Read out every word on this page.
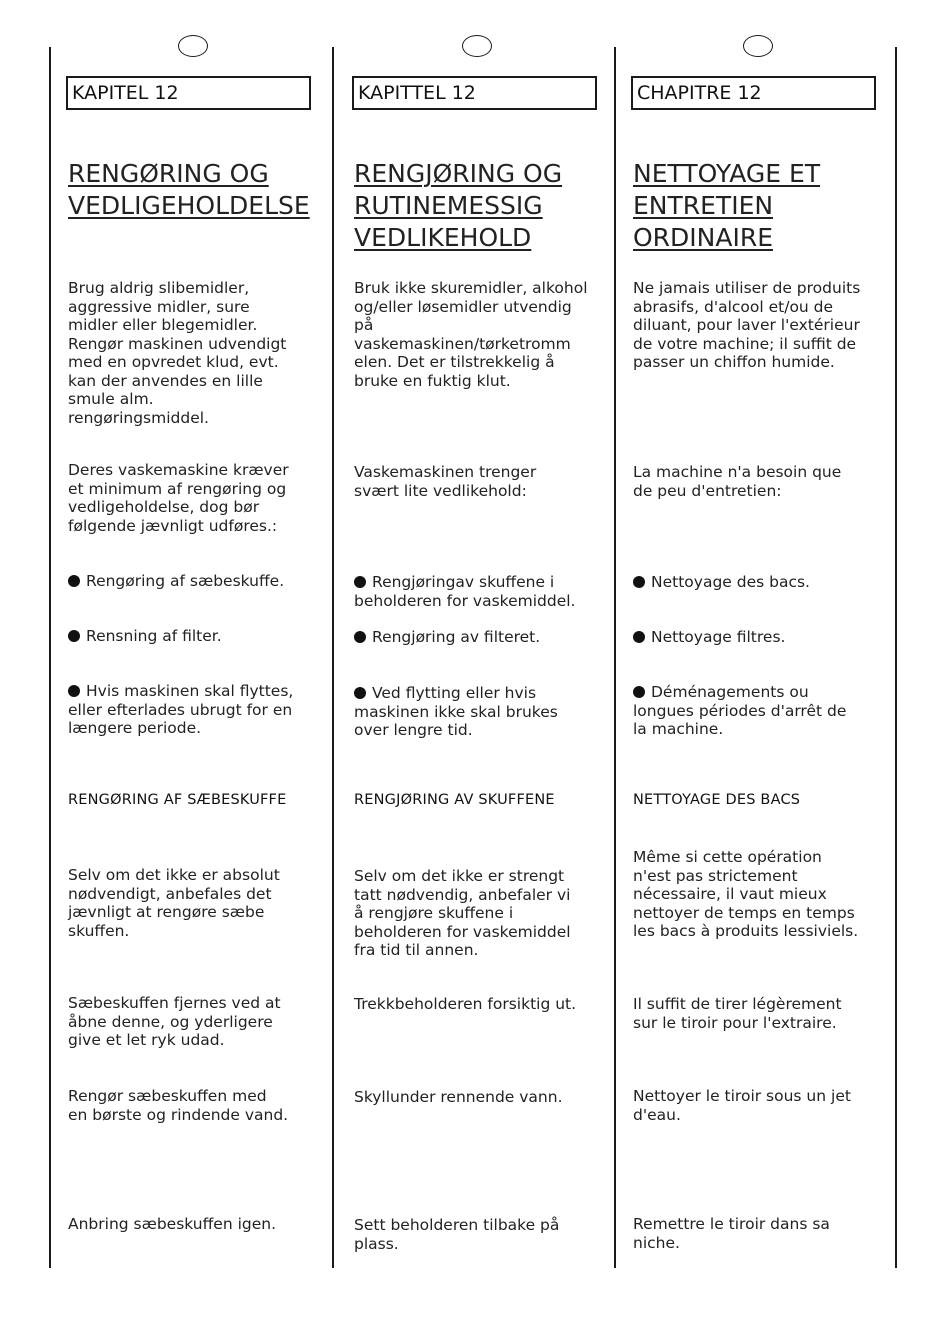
KAPITEL 12
RENGØRING OG
VEDLIGEHOLDELSE
Brug aldrig slibemidler,
aggressive midler, sure
midler eller blegemidler.
Rengør maskinen udvendigt
med en opvredet klud, evt.
kan der anvendes en lille
smule alm.
rengøringsmiddel.
Deres vaskemaskine kræver
et minimum af rengøring og
vedligeholdelse, dog bør
følgende jævnligt udføres.:
Rengøring af sæbeskuffe.
Rensning af filter.
Hvis maskinen skal flyttes,
eller efterlades ubrugt for en
længere periode.
RENGØRING AF SÆBESKUFFE
Selv om det ikke er absolut
nødvendigt, anbefales det
jævnligt at rengøre sæbe
skuffen.
Sæbeskuffen fjernes ved at
åbne denne, og yderligere
give et let ryk udad.
Rengør sæbeskuffen med
en børste og rindende vand.
Anbring sæbeskuffen igen.
KAPITTEL 12
RENGJØRING OG
RUTINEMESSIG
VEDLIKEHOLD
Bruk ikke skuremidler, alkohol
og/eller løsemidler utvendig
på
vaskemaskinen/tørketromm
elen. Det er tilstrekkelig å
bruke en fuktig klut.
Vaskemaskinen trenger
svært lite vedlikehold:
Rengjøringav skuffene i
beholderen for vaskemiddel.
Rengjøring av filteret.
Ved flytting eller hvis
maskinen ikke skal brukes
over lengre tid.
RENGJØRING AV SKUFFENE
Selv om det ikke er strengt
tatt nødvendig, anbefaler vi
å rengjøre skuffene i
beholderen for vaskemiddel
fra tid til annen.
Trekkbeholderen forsiktig ut.
Skyllunder rennende vann.
Sett beholderen tilbake på
plass.
CHAPITRE 12
NETTOYAGE ET
ENTRETIEN
ORDINAIRE
Ne jamais utiliser de produits
abrasifs, d'alcool et/ou de
diluant, pour laver l'extérieur
de votre machine; il suffit de
passer un chiffon humide.
La machine n'a besoin que
de peu d'entretien:
Nettoyage des bacs.
Nettoyage filtres.
Déménagements ou
longues périodes d'arrêt de
la machine.
NETTOYAGE DES BACS
Même si cette opération
n'est pas strictement
nécessaire, il vaut mieux
nettoyer de temps en temps
les bacs à produits lessiviels.
Il suffit de tirer légèrement
sur le tiroir pour l'extraire.
Nettoyer le tiroir sous un jet
d'eau.
Remettre le tiroir dans sa
niche.
